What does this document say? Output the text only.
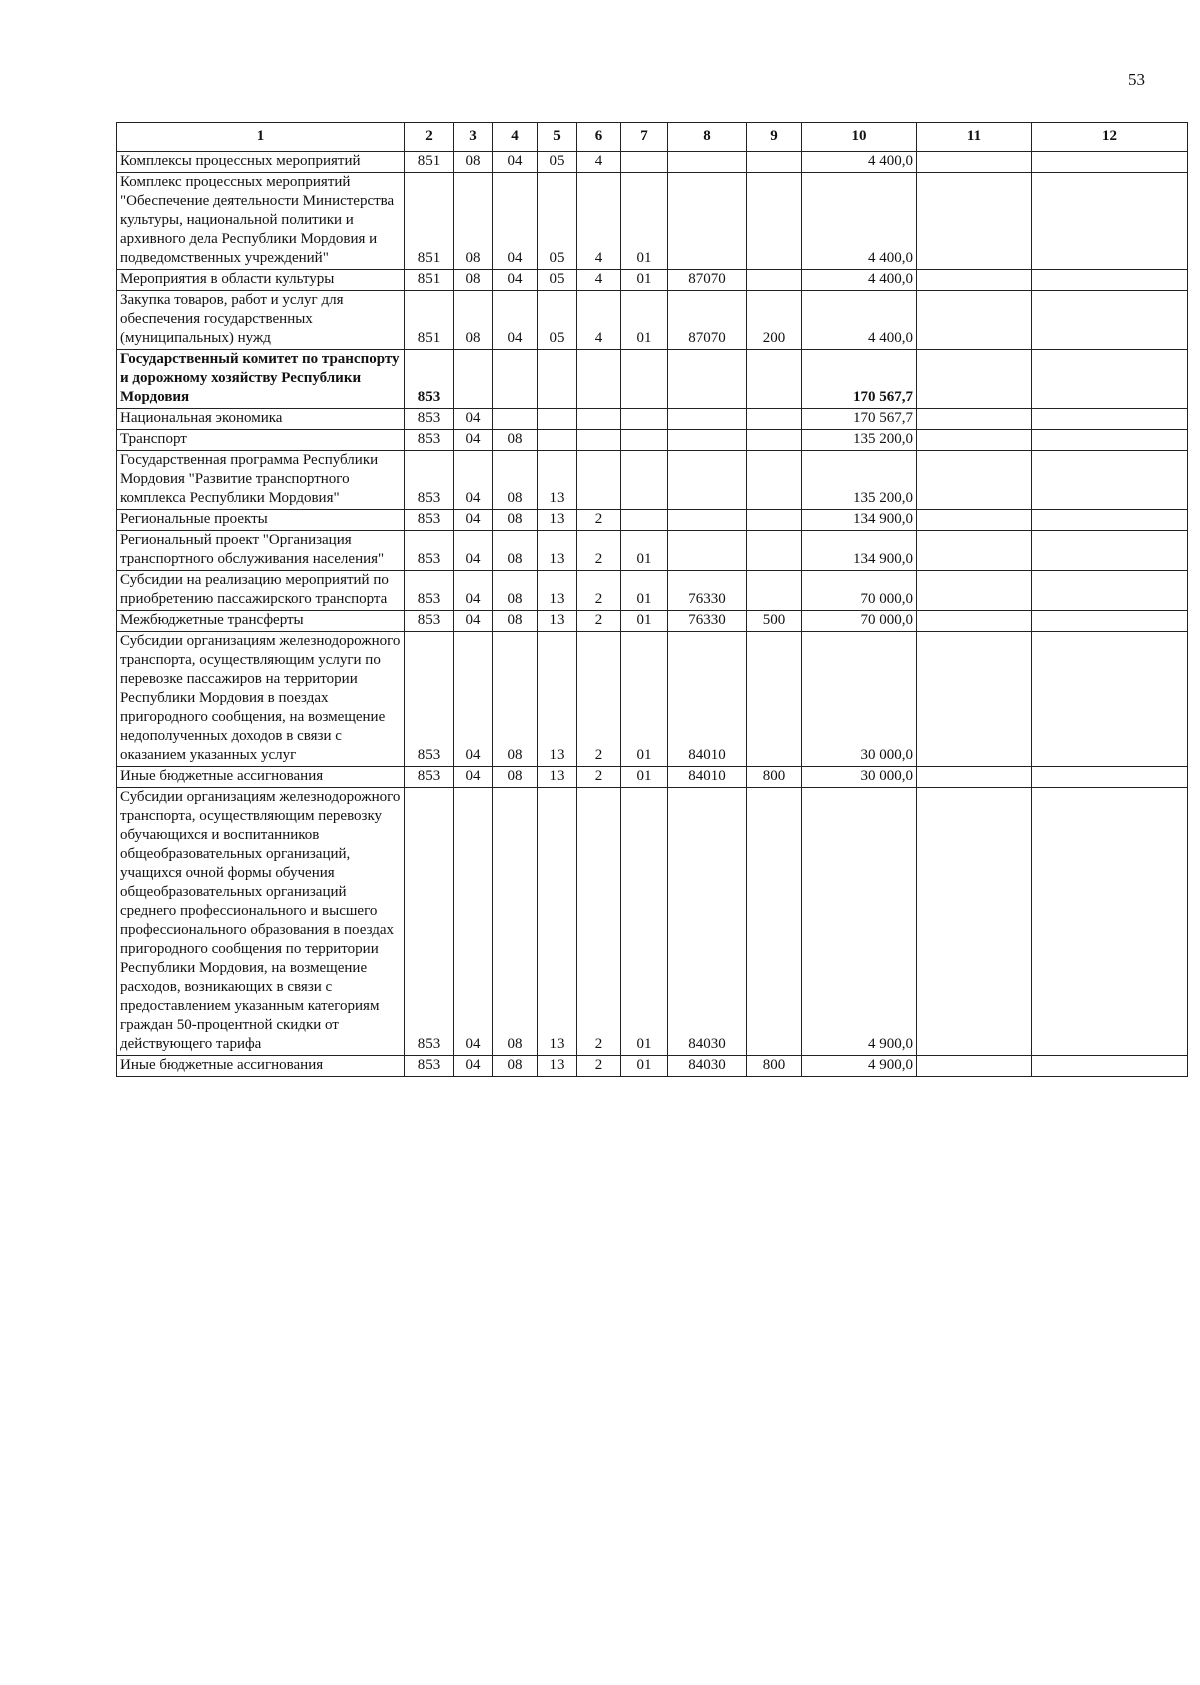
53
1	2	3	4	5	6	7	8	9	10	11	12
Комплексы процессных мероприятий	851	08	04	05	4				4 400,0		
Комплекс процессных мероприятий "Обеспечение деятельности Министерства культуры, национальной политики и архивного дела Республики Мордовия и подведомственных учреждений"	851	08	04	05	4	01			4 400,0		
Мероприятия в области культуры	851	08	04	05	4	01	87070		4 400,0		
Закупка товаров, работ и услуг для обеспечения государственных (муниципальных) нужд	851	08	04	05	4	01	87070	200	4 400,0		
Государственный комитет по транспорту и дорожному хозяйству Республики Мордовия	853								170 567,7		
Национальная экономика	853	04							170 567,7		
Транспорт	853	04	08						135 200,0		
Государственная программа Республики Мордовия "Развитие транспортного комплекса Республики Мордовия"	853	04	08	13					135 200,0		
Региональные проекты	853	04	08	13	2				134 900,0		
Региональный проект "Организация транспортного обслуживания населения"	853	04	08	13	2	01			134 900,0		
Субсидии на реализацию мероприятий по приобретению пассажирского транспорта	853	04	08	13	2	01	76330		70 000,0		
Межбюджетные трансферты	853	04	08	13	2	01	76330	500	70 000,0		
Субсидии организациям железнодорожного транспорта, осуществляющим услуги по перевозке пассажиров на территории Республики Мордовия в поездах пригородного сообщения, на возмещение недополученных доходов в связи с оказанием указанных услуг	853	04	08	13	2	01	84010		30 000,0		
Иные бюджетные ассигнования	853	04	08	13	2	01	84010	800	30 000,0		
Субсидии организациям железнодорожного транспорта, осуществляющим перевозку обучающихся и воспитанников общеобразовательных организаций, учащихся очной формы обучения общеобразовательных организаций среднего профессионального и высшего профессионального образования в поездах пригородного сообщения по территории Республики Мордовия, на возмещение расходов, возникающих в связи с предоставлением указанным категориям граждан 50-процентной скидки от действующего тарифа	853	04	08	13	2	01	84030		4 900,0		
Иные бюджетные ассигнования	853	04	08	13	2	01	84030	800	4 900,0		
